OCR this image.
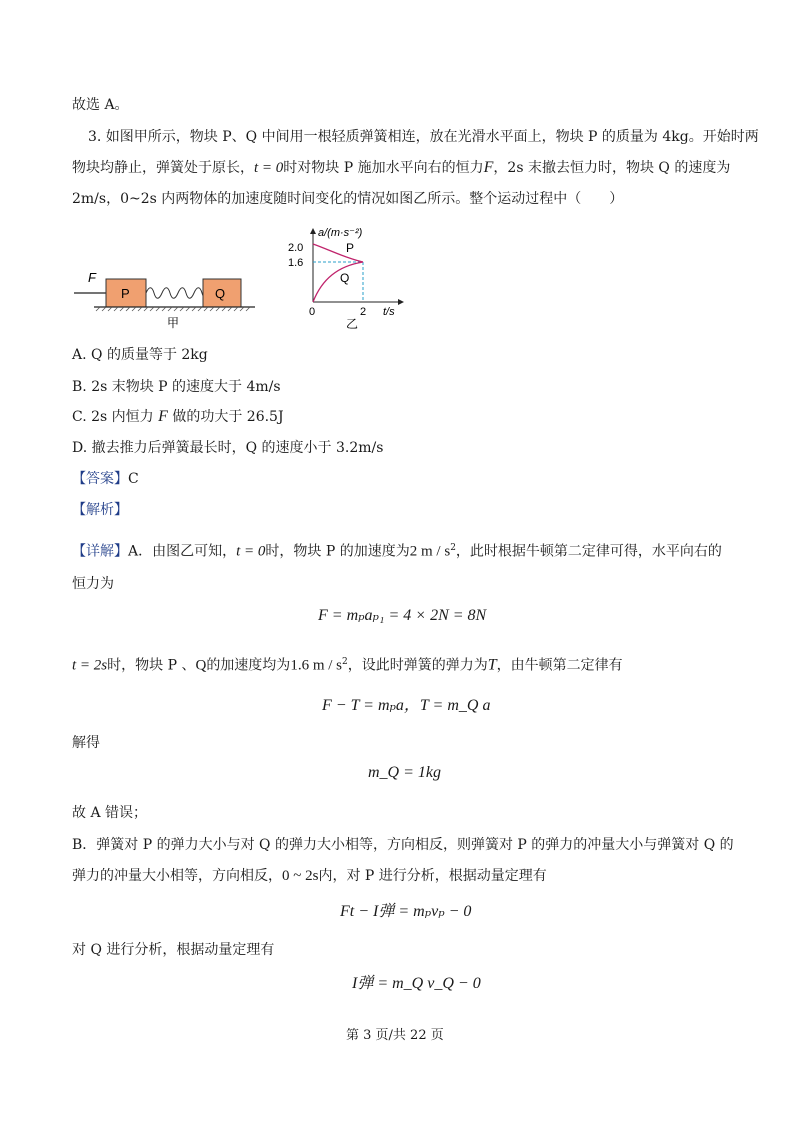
故选 A。
3. 如图甲所示，物块 P、Q 中间用一根轻质弹簧相连，放在光滑水平面上，物块 P 的质量为 4kg。开始时两
物块均静止，弹簧处于原长，t = 0时对物块 P 施加水平向右的恒力F，2s 末撤去恒力时，物块 Q 的速度为
2m/s，0~2s 内两物体的加速度随时间变化的情况如图乙所示。整个运动过程中（　　）
F
P	Q
甲
a/(m·s⁻²)
2.0
1.6
P
Q
0	2 t/s
乙
A. Q 的质量等于 2kg
B. 2s 末物块 P 的速度大于 4m/s
C. 2s 内恒力 F 做的功大于 26.5J
D. 撤去推力后弹簧最长时，Q 的速度小于 3.2m/s
【答案】C
【解析】
【详解】A．由图乙可知，t = 0时，物块 P 的加速度为2 m / $s^2$，此时根据牛顿第二定律可得，水平向右的
恒力为
F = mₚaₚ₁ = 4 × 2N = 8N
t = 2s时，物块 P 、Q的加速度均为1.6 m / $s^2$，设此时弹簧的弹力为T，由牛顿第二定律有
F − T = mₚa，T = m_Q a
解得
m_Q = 1kg
故 A 错误；
B．弹簧对 P 的弹力大小与对 Q 的弹力大小相等，方向相反，则弹簧对 P 的弹力的冲量大小与弹簧对 Q 的
弹力的冲量大小相等，方向相反，0 ~ 2s内，对 P 进行分析，根据动量定理有
Ft − I弹 = mₚvₚ − 0
对 Q 进行分析，根据动量定理有
I弹 = m_Q v_Q − 0
第 3 页/共 22 页
